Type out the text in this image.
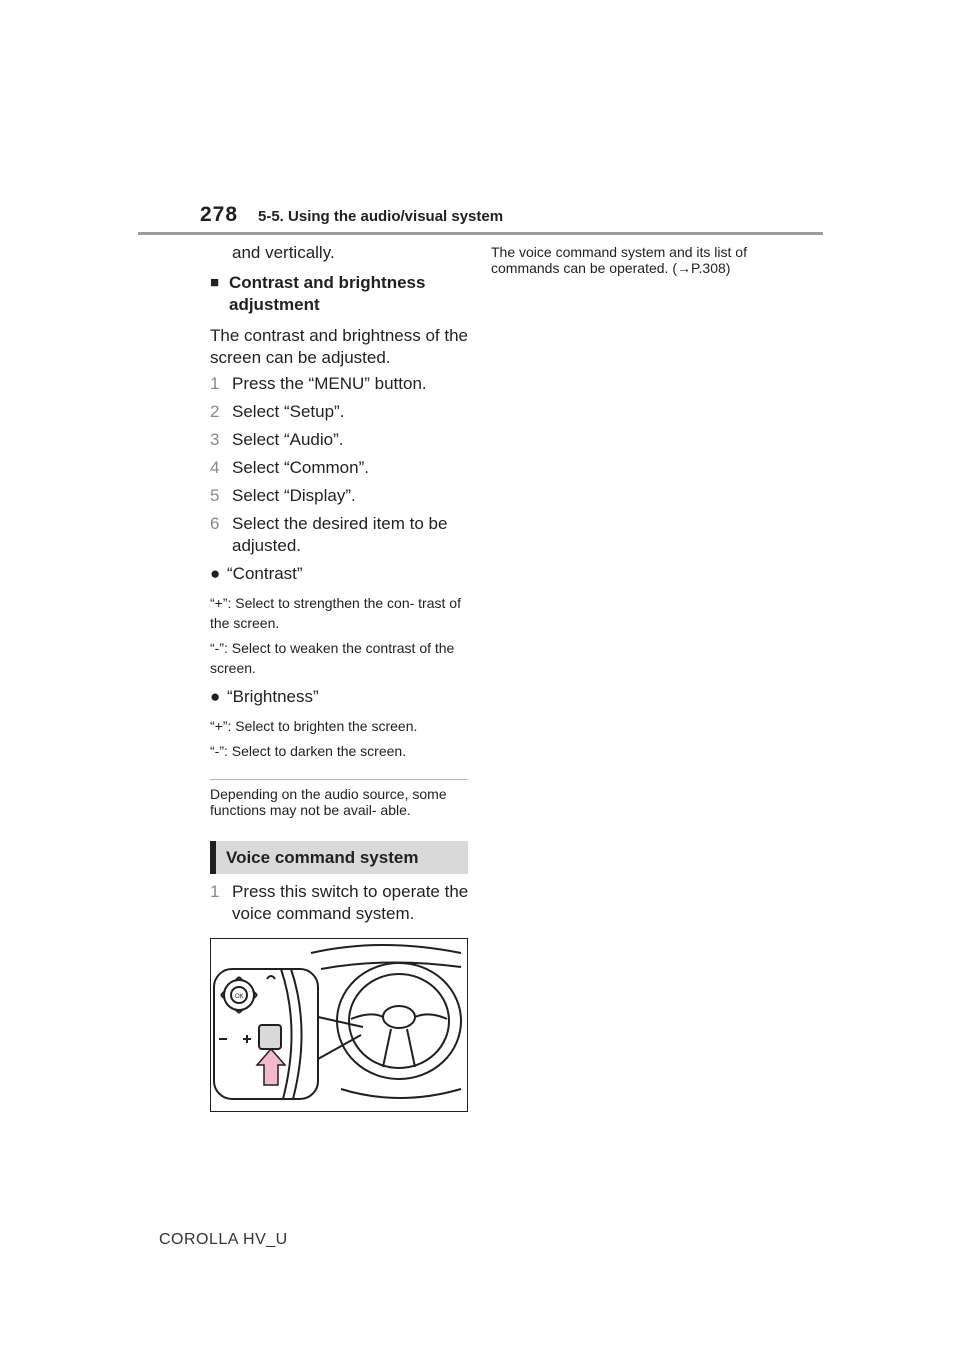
278 5-5. Using the audio/visual system

and vertically.

■ Contrast and brightness adjustment

The contrast and brightness of the screen can be adjusted.

1 Press the “MENU” button.
2 Select “Setup”.
3 Select “Audio”.
4 Select “Common”.
5 Select “Display”.
6 Select the desired item to be adjusted.
● “Contrast”

“+”: Select to strengthen the con- trast of the screen.

“-”: Select to weaken the contrast of the screen.

● “Brightness”

“+”: Select to brighten the screen.

“-”: Select to darken the screen.

Depending on the audio source, some functions may not be avail- able.

Voice command system
1 Press this switch to operate the voice command system.
OK
The voice command system and its list of commands can be operated. (→P.308)
COROLLA HV_U
